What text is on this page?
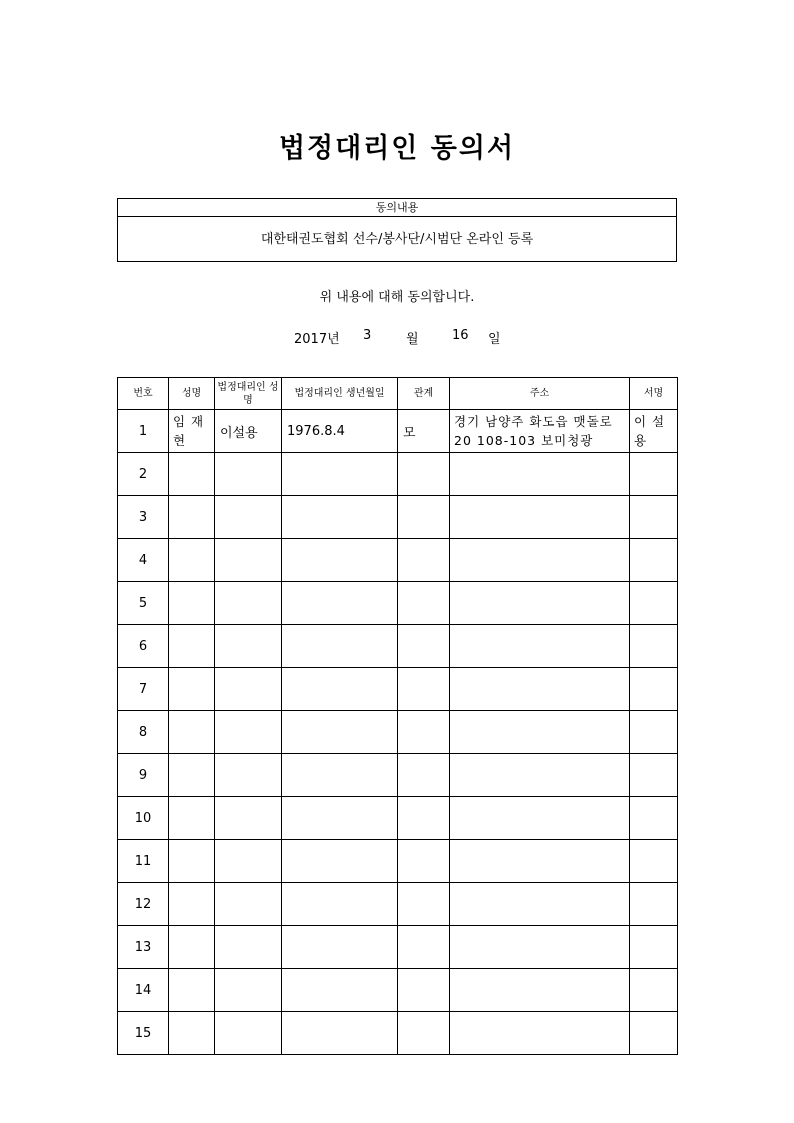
법정대리인 동의서
동의내용
대한태권도협회 선수/봉사단/시범단 온라인 등록
위 내용에 대해 동의합니다.
2017년 3	월	16 일
번호	성명	법정대리인 성명	법정대리인 생년월일	관계	주소	서명
1	임 재 현	이설용	1976.8.4	모	경기 남양주 화도읍 맷돌로20 108-103 보미청광	이 설 용
2						
3						
4						
5						
6						
7						
8						
9						
10						
11						
12						
13						
14						
15						
